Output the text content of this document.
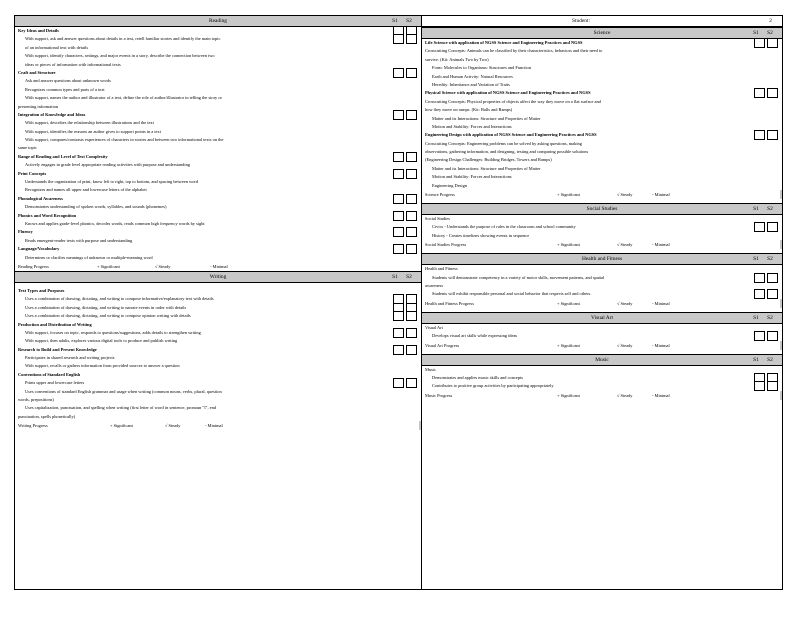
Reading	S1	S2
Key Ideas and Details
With support, ask and answer questions about details in a text, retell familiar stories and identify the main topic
of an informational text with details
With support, identify characters, settings, and major events in a story, describe the connection between two
ideas or pieces of information with informational texts
Craft and Structure
Ask and answer questions about unknown words
Recognizes common types and parts of a text
With support, names the author and illustrator of a text, define the role of author/illustrator in telling the story or
presenting information
Integration of Knowledge and Ideas
With support, describes the relationship between illustrations and the text
With support, identifies the reasons an author gives to support points in a text
With support, compares/contrasts experiences of characters in stories and between two informational texts on the
same topic
Range of Reading and Level of Text Complexity
Actively engages in grade level appropriate reading activities with purpose and understanding
Print Concepts
Understands the organization of print, know left to right, top to bottom, and spacing between word
Recognizes and names all upper and lowercase letters of the alphabet
Phonological Awareness
Demonstrates understanding of spoken words, syllables, and sounds (phonemes)
Phonics and Word Recognition
Knows and applies grade-level phonics, decodes words, reads common high frequency words by sight
Fluency
Reads emergent-reader texts with purpose and understanding
Language/Vocabulary
Determines or clarifies meanings of unknown or multiple-meaning word
Reading Progress	+ Significant	√ Steady	- Minimal
Writing	S1	S2
Text Types and Purposes
Uses a combination of drawing, dictating, and writing to compose informative/explanatory text with details
Uses a combination of drawing, dictating, and writing to narrate events in order with details
Uses a combination of drawing, dictating, and writing to compose opinion writing with details
Production and Distribution of Writing
With support, focuses on topic, responds to questions/suggestions, adds details to strengthen writing
With support, then adults, explores various digital tools to produce and publish writing
Research to Build and Present Knowledge
Participates in shared research and writing projects
With support, recalls or gathers information from provided sources to answer a question
Conventions of Standard English
Prints upper and lowercase letters
Uses conventions of standard English grammar and usage when writing (common nouns, verbs, plural, question
words, prepositions)
Uses capitalization, punctuation, and spelling when writing (first letter of word in sentence, pronoun "I", end
punctuation, spells phonetically)
Writing Progress	+ Significant	√ Steady	- Minimal
Student:	2
Science	S1	S2
Life Science with application of NGSS Science and Engineering Practices and NGSS
Crosscutting Concepts: Animals can be classified by their characteristics, behaviors and their need to
survive. (Kit: Animals Two by Two)
Form: Molecules to Organisms: Structures and Function
Earth and Human Activity: Natural Resources
Heredity: Inheritance and Variation of Traits
Physical Science with application of NGSS Science and Engineering Practices and NGSS
Crosscutting Concepts: Physical properties of objects affect the way they move on a flat surface and
how they move on ramps. (Kit: Balls and Ramps)
Matter and its Interactions: Structure and Properties of Matter
Motion and Stability: Forces and Interactions
Engineering Design with application of NGSS Science and Engineering Practices and NGSS
Crosscutting Concepts: Engineering problems can be solved by asking questions, making
observations, gathering information, and designing, testing and comparing possible solutions
(Engineering Design Challenges: Building Bridges, Towers and Ramps)
Matter and its Interactions: Structure and Properties of Matter
Motion and Stability: Forces and Interactions
Engineering Design
Science Progress	+ Significant	√ Steady	- Minimal
Social Studies	S1	S2
Social Studies
Civics - Understands the purpose of rules in the classroom and school community
History - Creates timelines showing events in sequence
Social Studies Progress	+ Significant	√ Steady	- Minimal
Health and Fitness	S1	S2
Health and Fitness
Students will demonstrate competency in a variety of motor skills, movement patterns, and spatial
awareness
Students will exhibit responsible personal and social behavior that respects self and others.
Health and Fitness Progress	+ Significant	√ Steady	- Minimal
Visual Art	S1	S2
Visual Art
Develops visual art skills while expressing ideas
Visual Art Progress	+ Significant	√ Steady	- Minimal
Music	S1	S2
Music
Demonstrates and applies music skills and concepts
Contributes to positive group activities by participating appropriately
Music Progress	+ Significant	√ Steady	- Minimal
